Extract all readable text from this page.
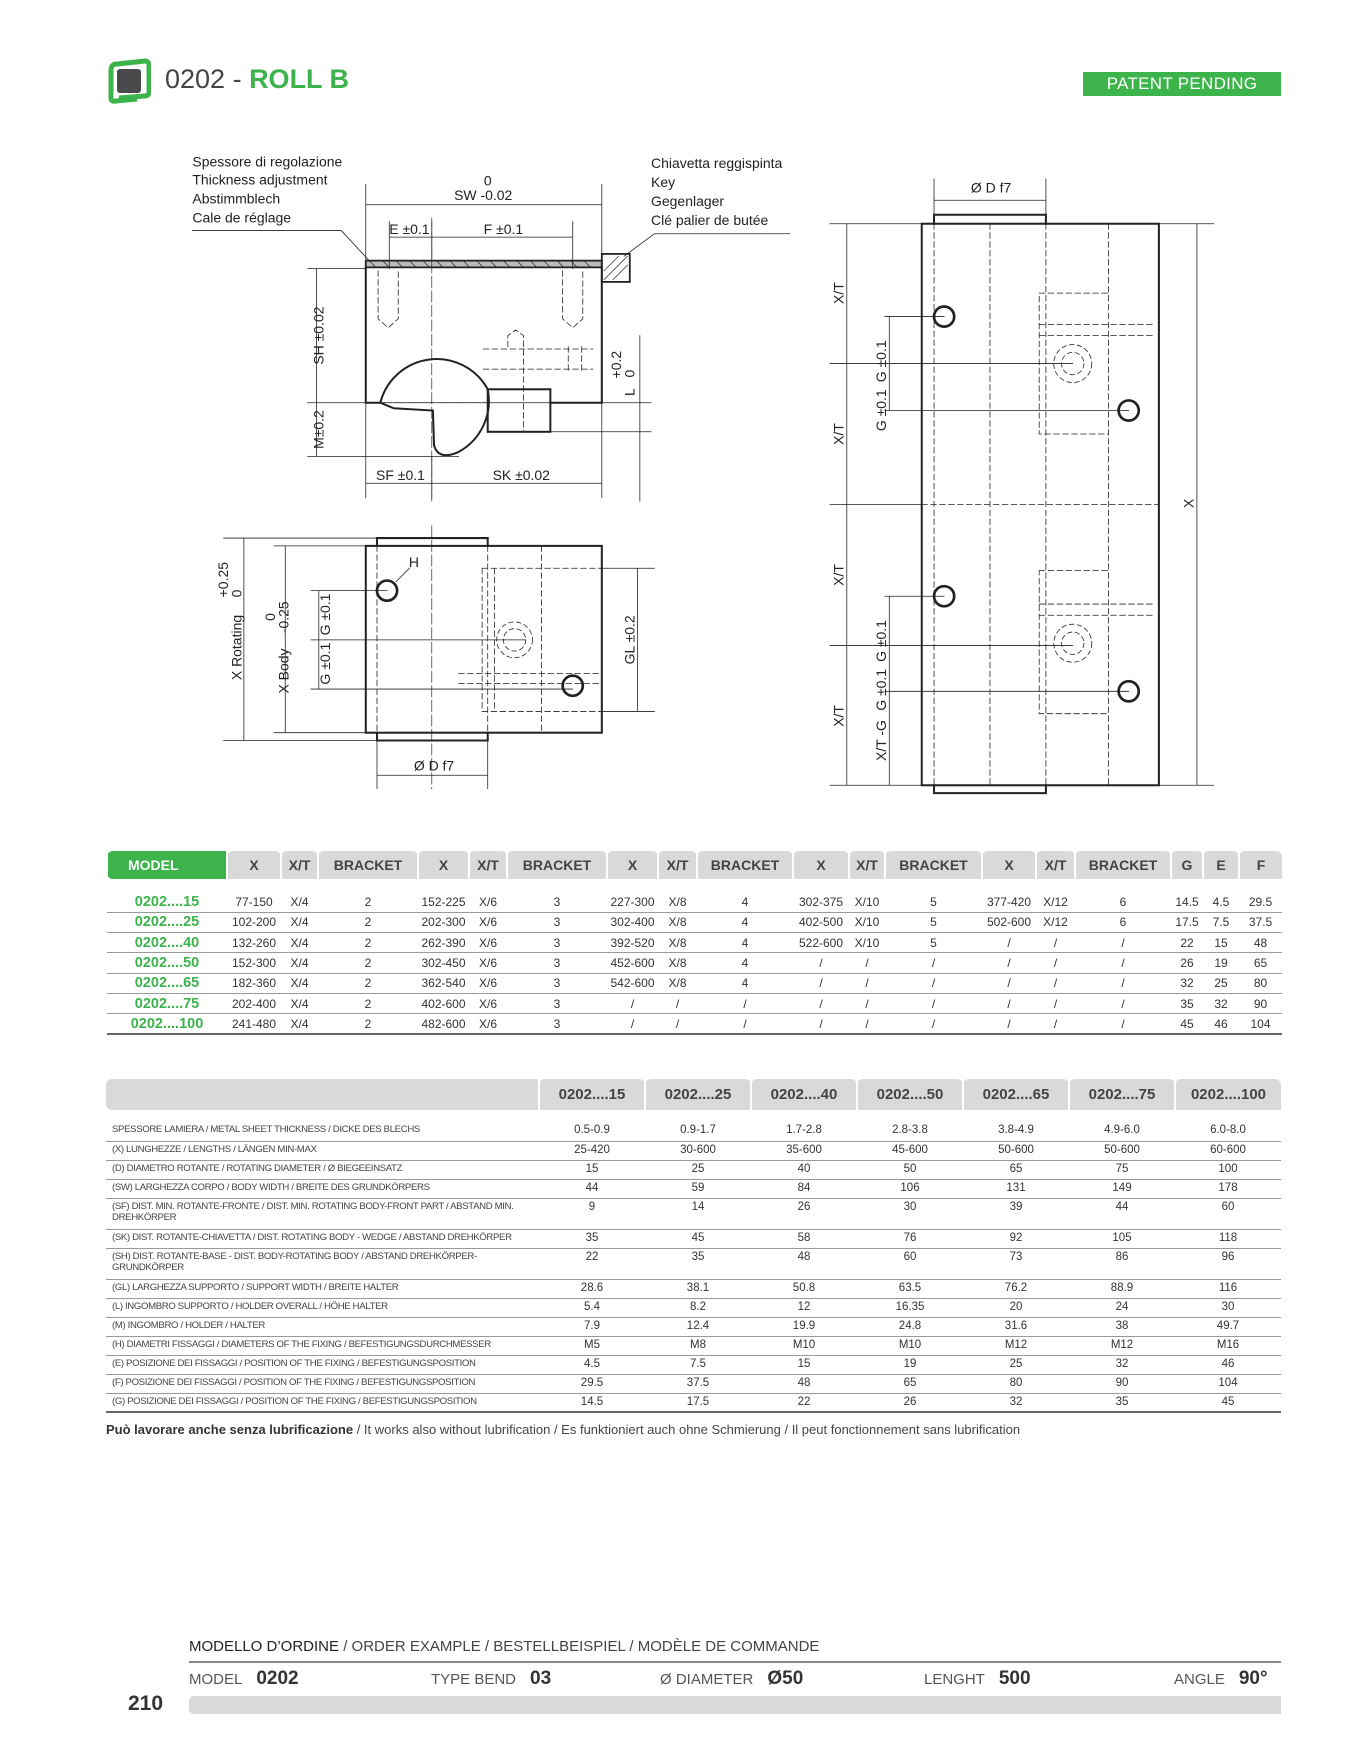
0202 - ROLL B	PATENT PENDING
Spessore di regolazione
Thickness adjustment
Abstimmblech
Cale de réglage
Chiavetta reggispinta
Key
Gegenlager
Clé palier de butée
0
SW -0.02
E ±0.1	F ±0.1
SH ±0.02
M±0.2
SF ±0.1	SK ±0.02
+0.2
0
L
H
X Rotating
+0.25
0
X Body
0
-0.25 G ±0.1
G ±0.1	GL ±0.2
Ø D f7
Ø D f7
X/T
X/T
X/T
X/T
G ±0.1
G ±0.1
G ±0.1
G ±0.1
X/T -G
X
MODEL	X	X/T	BRACKET	X	X/T	BRACKET	X	X/T	BRACKET	X	X/T	BRACKET	X	X/T	BRACKET	G	E	F

0202....15	77-150	X/4	2	152-225	X/6	3	227-300	X/8	4	302-375	X/10	5	377-420	X/12	6	14.5	4.5	29.5
0202....25	102-200	X/4	2	202-300	X/6	3	302-400	X/8	4	402-500	X/10	5	502-600	X/12	6	17.5	7.5	37.5
0202....40	132-260	X/4	2	262-390	X/6	3	392-520	X/8	4	522-600	X/10	5	/	/	/	22	15	48
0202....50	152-300	X/4	2	302-450	X/6	3	452-600	X/8	4	/	/	/	/	/	/	26	19	65
0202....65	182-360	X/4	2	362-540	X/6	3	542-600	X/8	4	/	/	/	/	/	/	32	25	80
0202....75	202-400	X/4	2	402-600	X/6	3	/	/	/	/	/	/	/	/	/	35	32	90
0202....100	241-480	X/4	2	482-600	X/6	3	/	/	/	/	/	/	/	/	/	45	46	104
	0202....15	0202....25	0202....40	0202....50	0202....65	0202....75	0202....100

SPESSORE LAMIERA / METAL SHEET THICKNESS / DICKE DES BLECHS	0.5-0.9	0.9-1.7	1.7-2.8	2.8-3.8	3.8-4.9	4.9-6.0	6.0-8.0
(X) LUNGHEZZE / LENGTHS / LÄNGEN MIN-MAX	25-420	30-600	35-600	45-600	50-600	50-600	60-600
(D) DIAMETRO ROTANTE / ROTATING DIAMETER / Ø BIEGEEINSATZ	15	25	40	50	65	75	100
(SW) LARGHEZZA CORPO / BODY WIDTH / BREITE DES GRUNDKÖRPERS	44	59	84	106	131	149	178
(SF) DIST. MIN. ROTANTE-FRONTE / DIST. MIN. ROTATING BODY-FRONT PART / ABSTAND MIN. DREHKÖRPER	9	14	26	30	39	44	60
(SK) DIST. ROTANTE-CHIAVETTA / DIST. ROTATING BODY - WEDGE / ABSTAND DREHKÖRPER	35	45	58	76	92	105	118
(SH) DIST. ROTANTE-BASE - DIST. BODY-ROTATING BODY / ABSTAND DREHKÖRPER-GRUNDKÖRPER	22	35	48	60	73	86	96
(GL) LARGHEZZA SUPPORTO / SUPPORT WIDTH / BREITE HALTER	28.6	38.1	50.8	63.5	76.2	88.9	116
(L) INGOMBRO SUPPORTO / HOLDER OVERALL / HÖHE HALTER	5.4	8.2	12	16.35	20	24	30
(M) INGOMBRO / HOLDER / HALTER	7.9	12.4	19.9	24.8	31.6	38	49.7
(H) DIAMETRI FISSAGGI / DIAMETERS OF THE FIXING / BEFESTIGUNGSDURCHMESSER	M5	M8	M10	M10	M12	M12	M16
(E) POSIZIONE DEI FISSAGGI / POSITION OF THE FIXING / BEFESTIGUNGSPOSITION	4.5	7.5	15	19	25	32	46
(F) POSIZIONE DEI FISSAGGI / POSITION OF THE FIXING / BEFESTIGUNGSPOSITION	29.5	37.5	48	65	80	90	104
(G) POSIZIONE DEI FISSAGGI / POSITION OF THE FIXING / BEFESTIGUNGSPOSITION	14.5	17.5	22	26	32	35	45
Può lavorare anche senza lubrificazione / It works also without lubrification / Es funktioniert auch ohne Schmierung / Il peut fonctionnement sans lubrification
MODELLO D’ORDINE / ORDER EXAMPLE / BESTELLBEISPIEL / MODÈLE DE COMMANDE
MODEL 0202	TYPE BEND 03	Ø DIAMETER Ø50	LENGHT 500	ANGLE 90°
210
